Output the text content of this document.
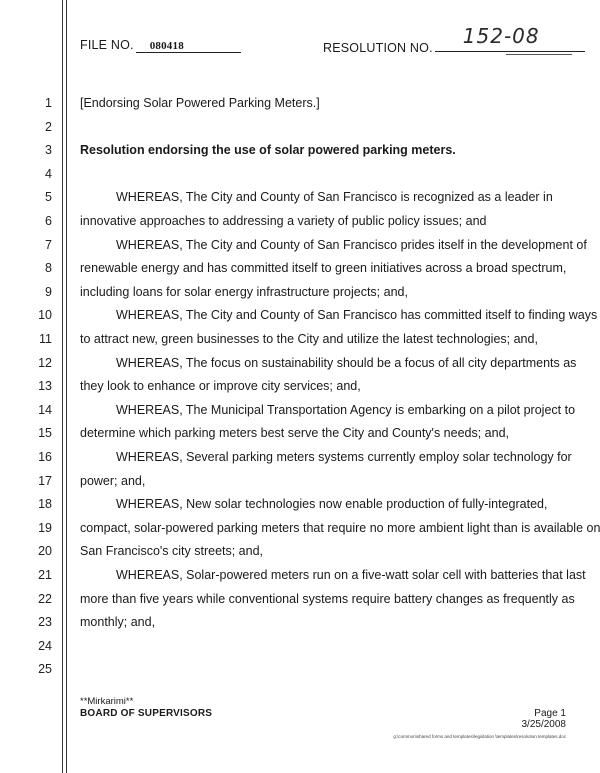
FILE NO. 080418	RESOLUTION NO. 152-08
1 [Endorsing Solar Powered Parking Meters.]
2
3 Resolution endorsing the use of solar powered parking meters.
4
5	WHEREAS, The City and County of San Francisco is recognized as a leader in
6 innovative approaches to addressing a variety of public policy issues; and
7	WHEREAS, The City and County of San Francisco prides itself in the development of
8 renewable energy and has committed itself to green initiatives across a broad spectrum,
9 including loans for solar energy infrastructure projects; and,
10	WHEREAS, The City and County of San Francisco has committed itself to finding ways
11 to attract new, green businesses to the City and utilize the latest technologies; and,
12	WHEREAS, The focus on sustainability should be a focus of all city departments as
13 they look to enhance or improve city services; and,
14	WHEREAS, The Municipal Transportation Agency is embarking on a pilot project to
15 determine which parking meters best serve the City and County's needs; and,
16	WHEREAS, Several parking meters systems currently employ solar technology for
17 power; and,
18	WHEREAS, New solar technologies now enable production of fully-integrated,
19 compact, solar-powered parking meters that require no more ambient light than is available on
20 San Francisco's city streets; and,
21	WHEREAS, Solar-powered meters run on a five-watt solar cell with batteries that last
22 more than five years while conventional systems require battery changes as frequently as
23 monthly; and,
24
25
**Mirkarimi**
BOARD OF SUPERVISORS	Page 1
3/25/2008
g:\common\shared forms and templates\legislation \templates\resolution templates.doc
